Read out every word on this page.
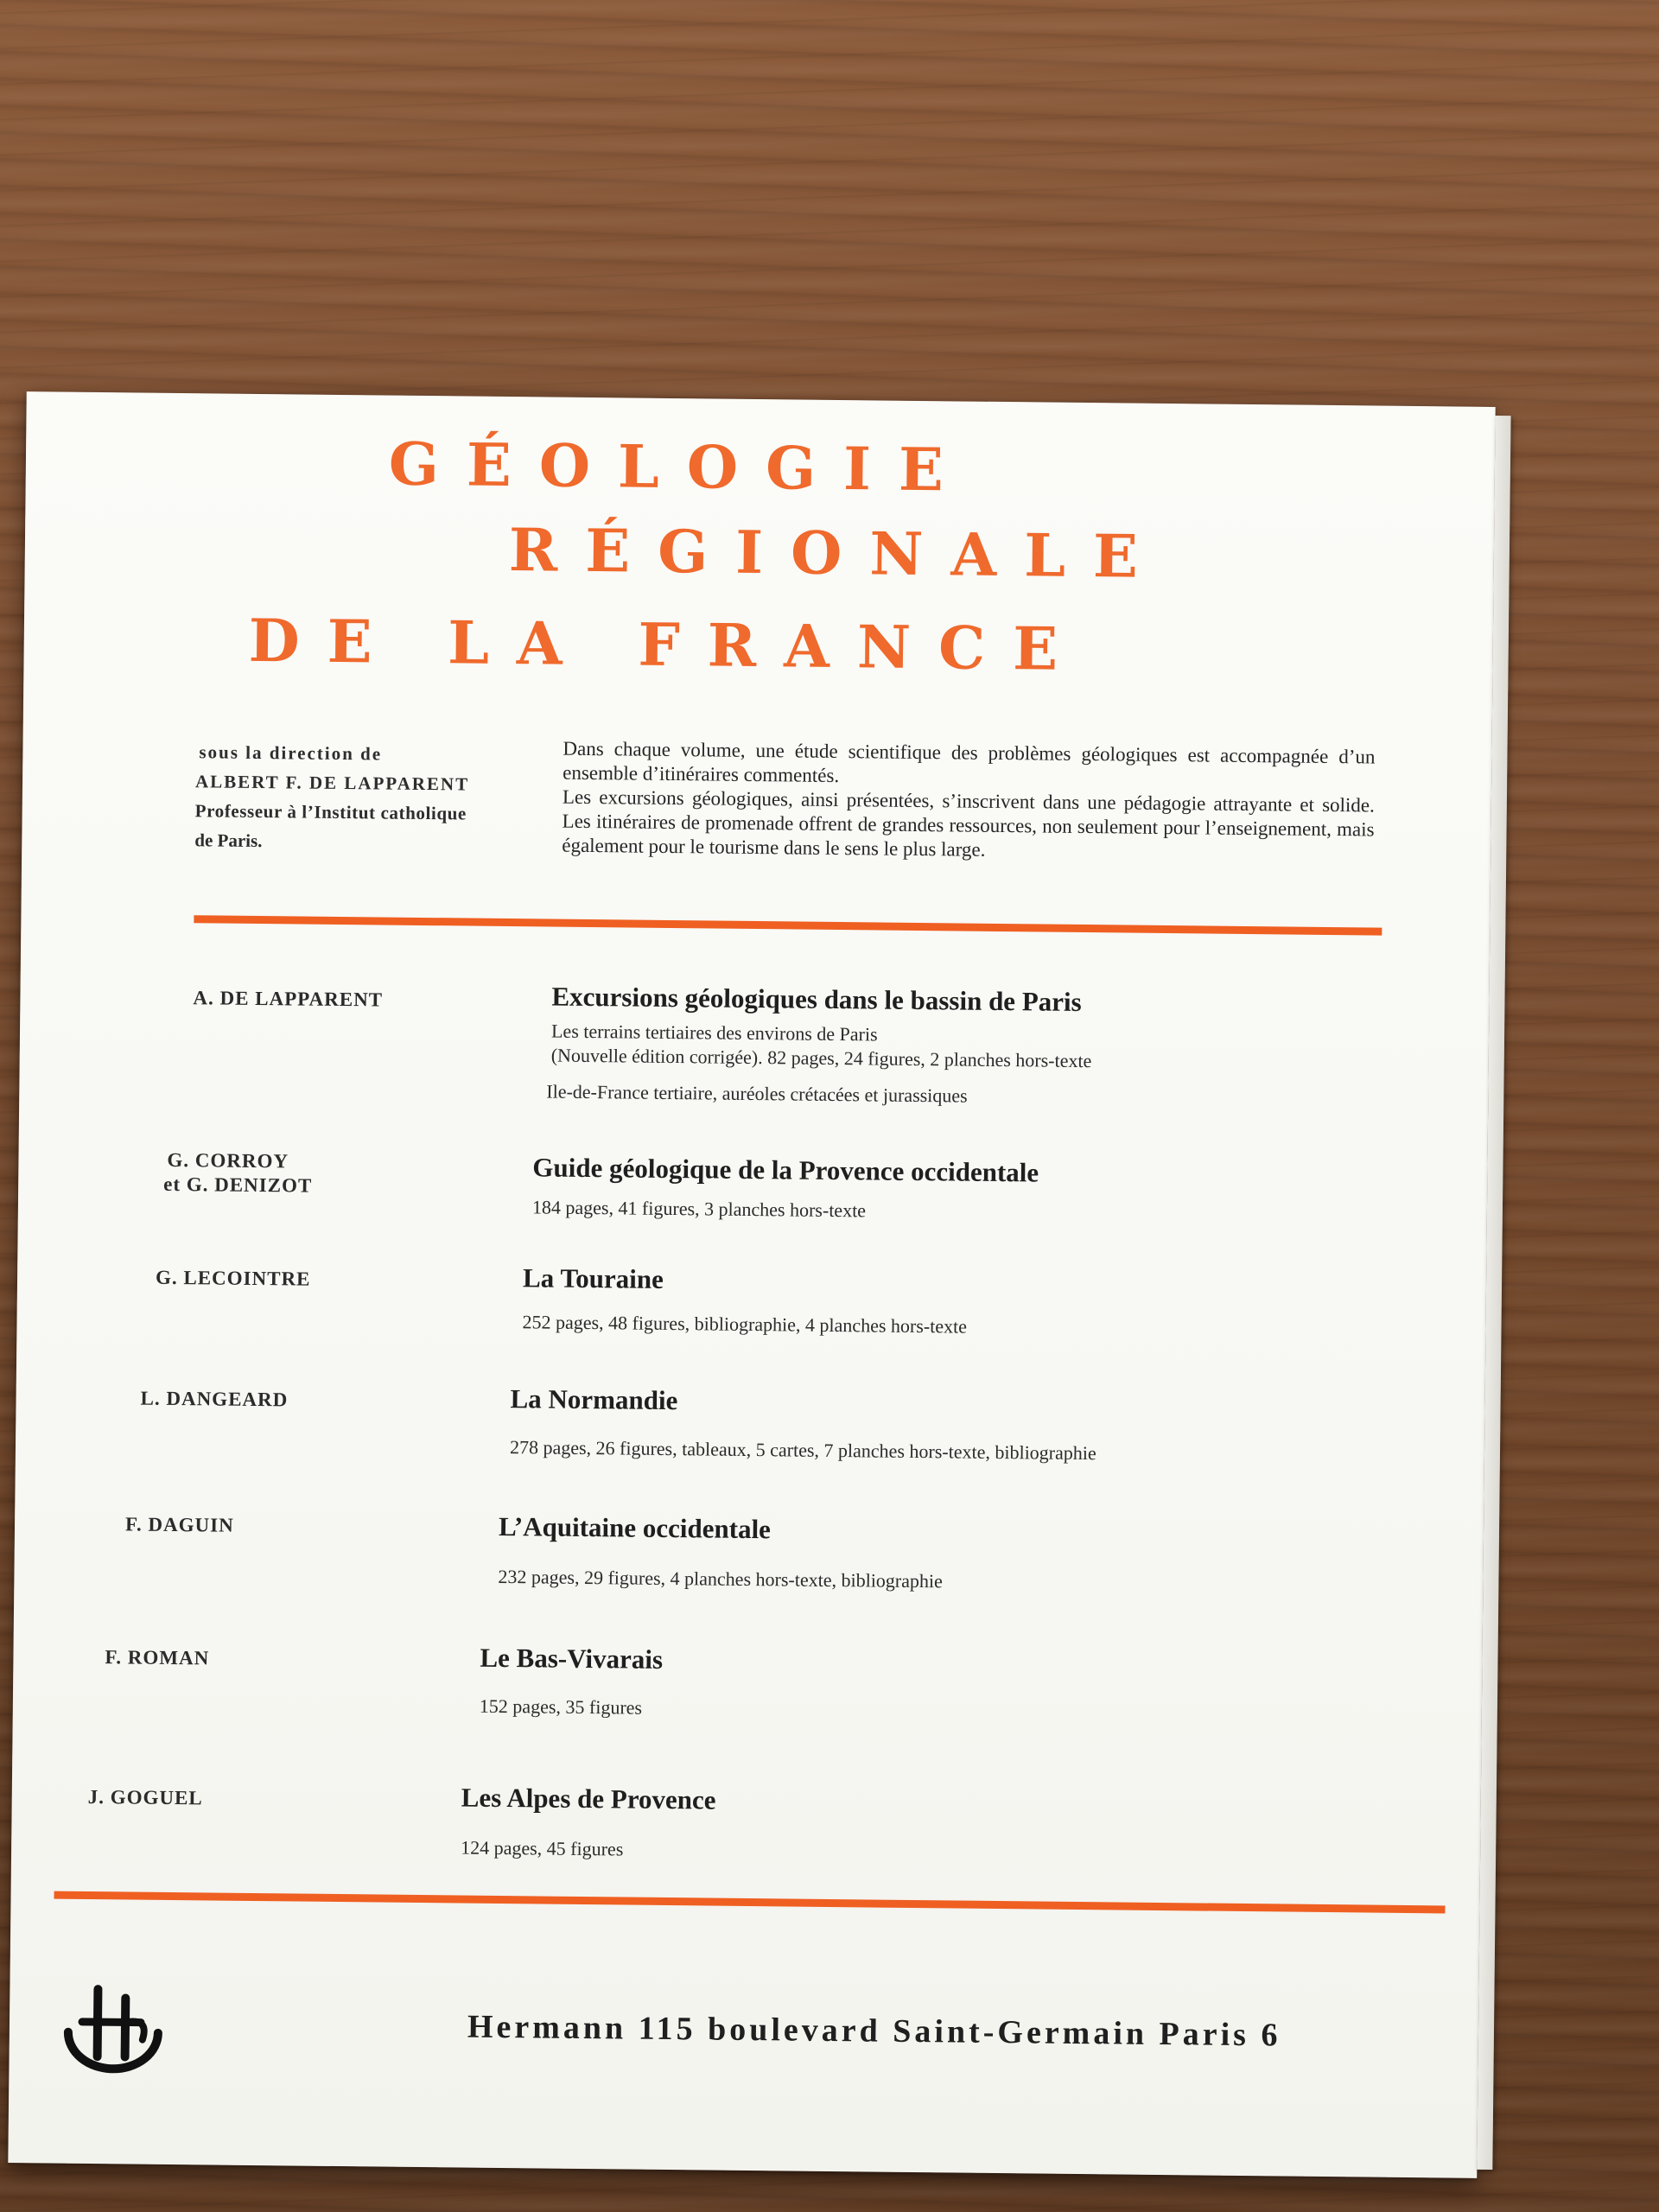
GÉOLOGIE
RÉGIONALE
DE LA FRANCE
sous la direction de
ALBERT F. DE LAPPARENT
Professeur à l’Institut catholique
de Paris.

Dans chaque volume, une étude scientifique des problèmes géologiques est accompagnée d’un ensemble d’itinéraires commentés.

Les excursions géologiques, ainsi présentées, s’inscrivent dans une pédagogie attrayante et solide. Les itinéraires de promenade offrent de grandes ressources, non seulement pour l’enseignement, mais également pour le tourisme dans le sens le plus large.

A. DE LAPPARENT	Excursions géologiques dans le bassin de Paris
Les terrains tertiaires des environs de Paris
(Nouvelle édition corrigée). 82 pages, 24 figures, 2 planches hors-texte
Ile-de-France tertiaire, auréoles crétacées et jurassiques
G. CORROY
et G. DENIZOT	Guide géologique de la Provence occidentale
184 pages, 41 figures, 3 planches hors-texte
G. LECOINTRE	La Touraine
252 pages, 48 figures, bibliographie, 4 planches hors-texte
L. DANGEARD	La Normandie
278 pages, 26 figures, tableaux, 5 cartes, 7 planches hors-texte, bibliographie
F. DAGUIN	L’Aquitaine occidentale
232 pages, 29 figures, 4 planches hors-texte, bibliographie
F. ROMAN	Le Bas-Vivarais
152 pages, 35 figures
J. GOGUEL	Les Alpes de Provence
124 pages, 45 figures
Hermann 115 boulevard Saint-Germain Paris 6
